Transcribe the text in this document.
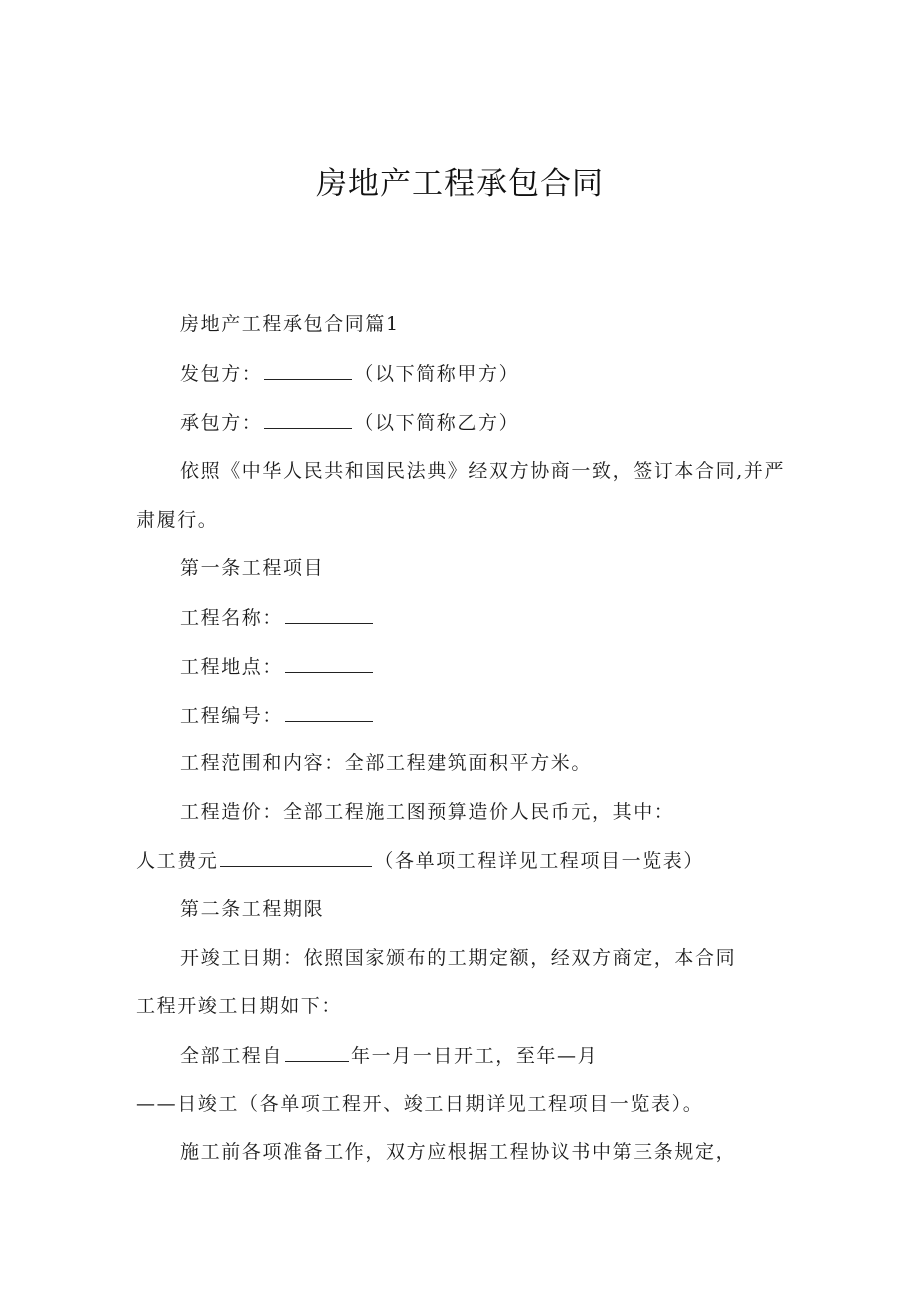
房地产工程承包合同
房地产工程承包合同篇1
发包方：	（以下简称甲方）
承包方：	（以下简称乙方）
依照《中华人民共和国民法典》经双方协商一致，签订本合同,并严
肃履行。
第一条工程项目
工程名称：
工程地点：
工程编号：
工程范围和内容：全部工程建筑面积平方米。
工程造价：全部工程施工图预算造价人民币元，其中：
人工费元	（各单项工程详见工程项目一览表）
第二条工程期限
开竣工日期：依照国家颁布的工期定额，经双方商定，本合同
工程开竣工日期如下：
全部工程自	年一月一日开工，至年—月
——日竣工（各单项工程开、竣工日期详见工程项目一览表）。
施工前各项准备工作，双方应根据工程协议书中第三条规定，
